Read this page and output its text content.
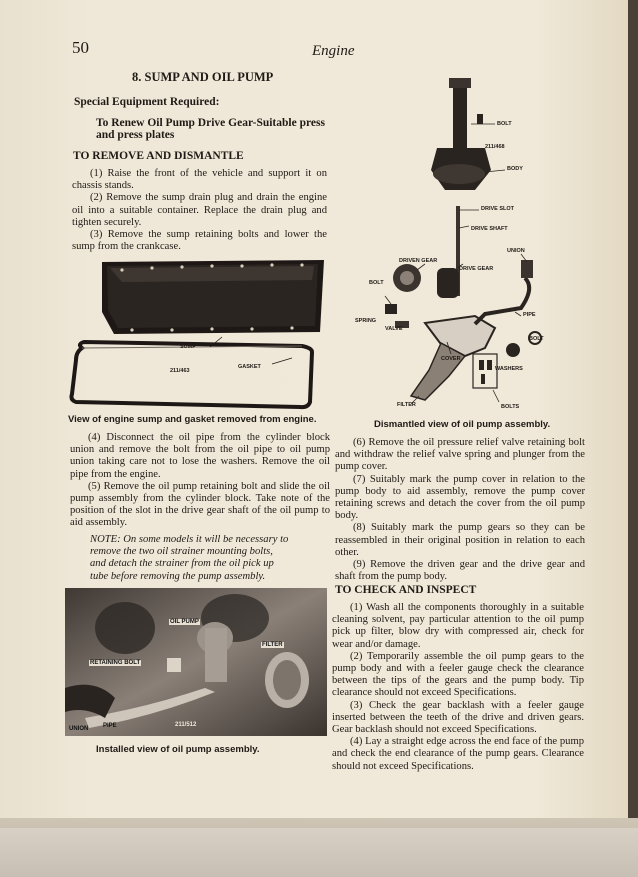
50	Engine
8. SUMP AND OIL PUMP
Special Equipment Required:
To Renew Oil Pump Drive Gear-Suitable press and press plates
TO REMOVE AND DISMANTLE

(1) Raise the front of the vehicle and support it on chassis stands.

(2) Remove the sump drain plug and drain the engine oil into a suitable container. Replace the drain plug and tighten securely.

(3) Remove the sump retaining bolts and lower the sump from the crankcase.

SUMP
GASKET
211/463
View of engine sump and gasket removed from engine.

(4) Disconnect the oil pipe from the cylinder block union and remove the bolt from the oil pipe to oil pump union taking care not to lose the washers. Remove the oil pipe from the engine.

(5) Remove the oil pump retaining bolt and slide the oil pump assembly from the cylinder block. Take note of the position of the slot in the drive gear shaft of the oil pump to aid assembly.

NOTE: On some models it will be necessary to remove the two oil strainer mounting bolts, and detach the strainer from the oil pick up tube before removing the pump assembly.
OIL PUMP
FILTER
RETAINING BOLT
UNION PIPE	211/512
Installed view of oil pump assembly.
BOLT
211/468
BODY
DRIVE SLOT
DRIVE SHAFT
UNION
DRIVEN GEAR
DRIVE GEAR
BOLT
SPRING
VALVE
PIPE
BOLT
COVER
WASHERS
FILTER	BOLTS
Dismantled view of oil pump assembly.

(6) Remove the oil pressure relief valve retaining bolt and withdraw the relief valve spring and plunger from the pump cover.

(7) Suitably mark the pump cover in relation to the pump body to aid assembly, remove the pump cover retaining screws and detach the cover from the oil pump body.

(8) Suitably mark the pump gears so they can be reassembled in their original position in relation to each other.

(9) Remove the driven gear and the drive gear and shaft from the pump body.

TO CHECK AND INSPECT

(1) Wash all the components thoroughly in a suitable cleaning solvent, pay particular attention to the oil pump pick up filter, blow dry with compressed air, check for wear and/or damage.

(2) Temporarily assemble the oil pump gears to the pump body and with a feeler gauge check the clearance between the tips of the gears and the pump body. Tip clearance should not exceed Specifications.

(3) Check the gear backlash with a feeler gauge inserted between the teeth of the drive and driven gears. Gear backlash should not exceed Specifications.

(4) Lay a straight edge across the end face of the pump and check the end clearance of the pump gears. Clearance should not exceed Specifications.
